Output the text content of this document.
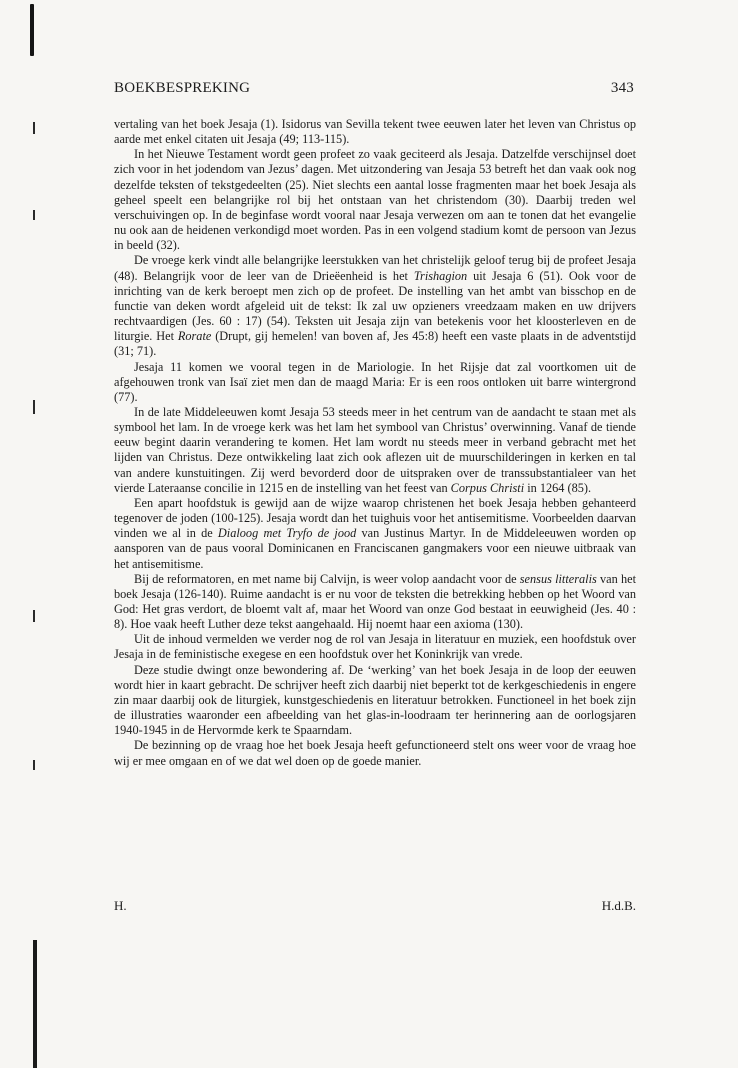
BOEKBESPREKING	343

vertaling van het boek Jesaja (1). Isidorus van Sevilla tekent twee eeuwen later het leven van Christus op aarde met enkel citaten uit Jesaja (49; 113-115).

In het Nieuwe Testament wordt geen profeet zo vaak geciteerd als Jesaja. Datzelfde verschijnsel doet zich voor in het jodendom van Jezus’ dagen. Met uitzondering van Jesaja 53 betreft het dan vaak ook nog dezelfde teksten of tekstgedeelten (25). Niet slechts een aantal losse fragmenten maar het boek Jesaja als geheel speelt een belangrijke rol bij het ontstaan van het christendom (30). Daarbij treden wel verschuivingen op. In de beginfase wordt vooral naar Jesaja verwezen om aan te tonen dat het evangelie nu ook aan de heidenen verkondigd moet worden. Pas in een volgend stadium komt de persoon van Jezus in beeld (32).

De vroege kerk vindt alle belangrijke leerstukken van het christelijk geloof terug bij de profeet Jesaja (48). Belangrijk voor de leer van de Drieëenheid is het Trishagion uit Jesaja 6 (51). Ook voor de inrichting van de kerk beroept men zich op de profeet. De instelling van het ambt van bisschop en de functie van deken wordt afgeleid uit de tekst: Ik zal uw opzieners vreedzaam maken en uw drijvers rechtvaardigen (Jes. 60 : 17) (54). Teksten uit Jesaja zijn van betekenis voor het kloosterleven en de liturgie. Het Rorate (Drupt, gij hemelen! van boven af, Jes 45:8) heeft een vaste plaats in de adventstijd (31; 71).

Jesaja 11 komen we vooral tegen in de Mariologie. In het Rijsje dat zal voortkomen uit de afgehouwen tronk van Isaï ziet men dan de maagd Maria: Er is een roos ontloken uit barre wintergrond (77).

In de late Middeleeuwen komt Jesaja 53 steeds meer in het centrum van de aandacht te staan met als symbool het lam. In de vroege kerk was het lam het symbool van Christus’ overwinning. Vanaf de tiende eeuw begint daarin verandering te komen. Het lam wordt nu steeds meer in verband gebracht met het lijden van Christus. Deze ontwikkeling laat zich ook aflezen uit de muurschilderingen in kerken en tal van andere kunstuitingen. Zij werd bevorderd door de uitspraken over de transsubstantialeer van het vierde Lateraanse concilie in 1215 en de instelling van het feest van Corpus Christi in 1264 (85).

Een apart hoofdstuk is gewijd aan de wijze waarop christenen het boek Jesaja hebben gehanteerd tegenover de joden (100-125). Jesaja wordt dan het tuighuis voor het antisemitisme. Voorbeelden daarvan vinden we al in de Dialoog met Tryfo de jood van Justinus Martyr. In de Middeleeuwen worden op aansporen van de paus vooral Dominicanen en Franciscanen gangmakers voor een nieuwe uitbraak van het antisemitisme.

Bij de reformatoren, en met name bij Calvijn, is weer volop aandacht voor de sensus litteralis van het boek Jesaja (126-140). Ruime aandacht is er nu voor de teksten die betrekking hebben op het Woord van God: Het gras verdort, de bloemt valt af, maar het Woord van onze God bestaat in eeuwigheid (Jes. 40 : 8). Hoe vaak heeft Luther deze tekst aangehaald. Hij noemt haar een axioma (130).

Uit de inhoud vermelden we verder nog de rol van Jesaja in literatuur en muziek, een hoofdstuk over Jesaja in de feministische exegese en een hoofdstuk over het Koninkrijk van vrede.

Deze studie dwingt onze bewondering af. De ‘werking’ van het boek Jesaja in de loop der eeuwen wordt hier in kaart gebracht. De schrijver heeft zich daarbij niet beperkt tot de kerkgeschiedenis in engere zin maar daarbij ook de liturgiek, kunstgeschiedenis en literatuur betrokken. Functioneel in het boek zijn de illustraties waaronder een afbeelding van het glas-in-loodraam ter herinnering aan de oorlogsjaren 1940-1945 in de Hervormde kerk te Spaarndam.

De bezinning op de vraag hoe het boek Jesaja heeft gefunctioneerd stelt ons weer voor de vraag hoe wij er mee omgaan en of we dat wel doen op de goede manier.

H.	H.d.B.
